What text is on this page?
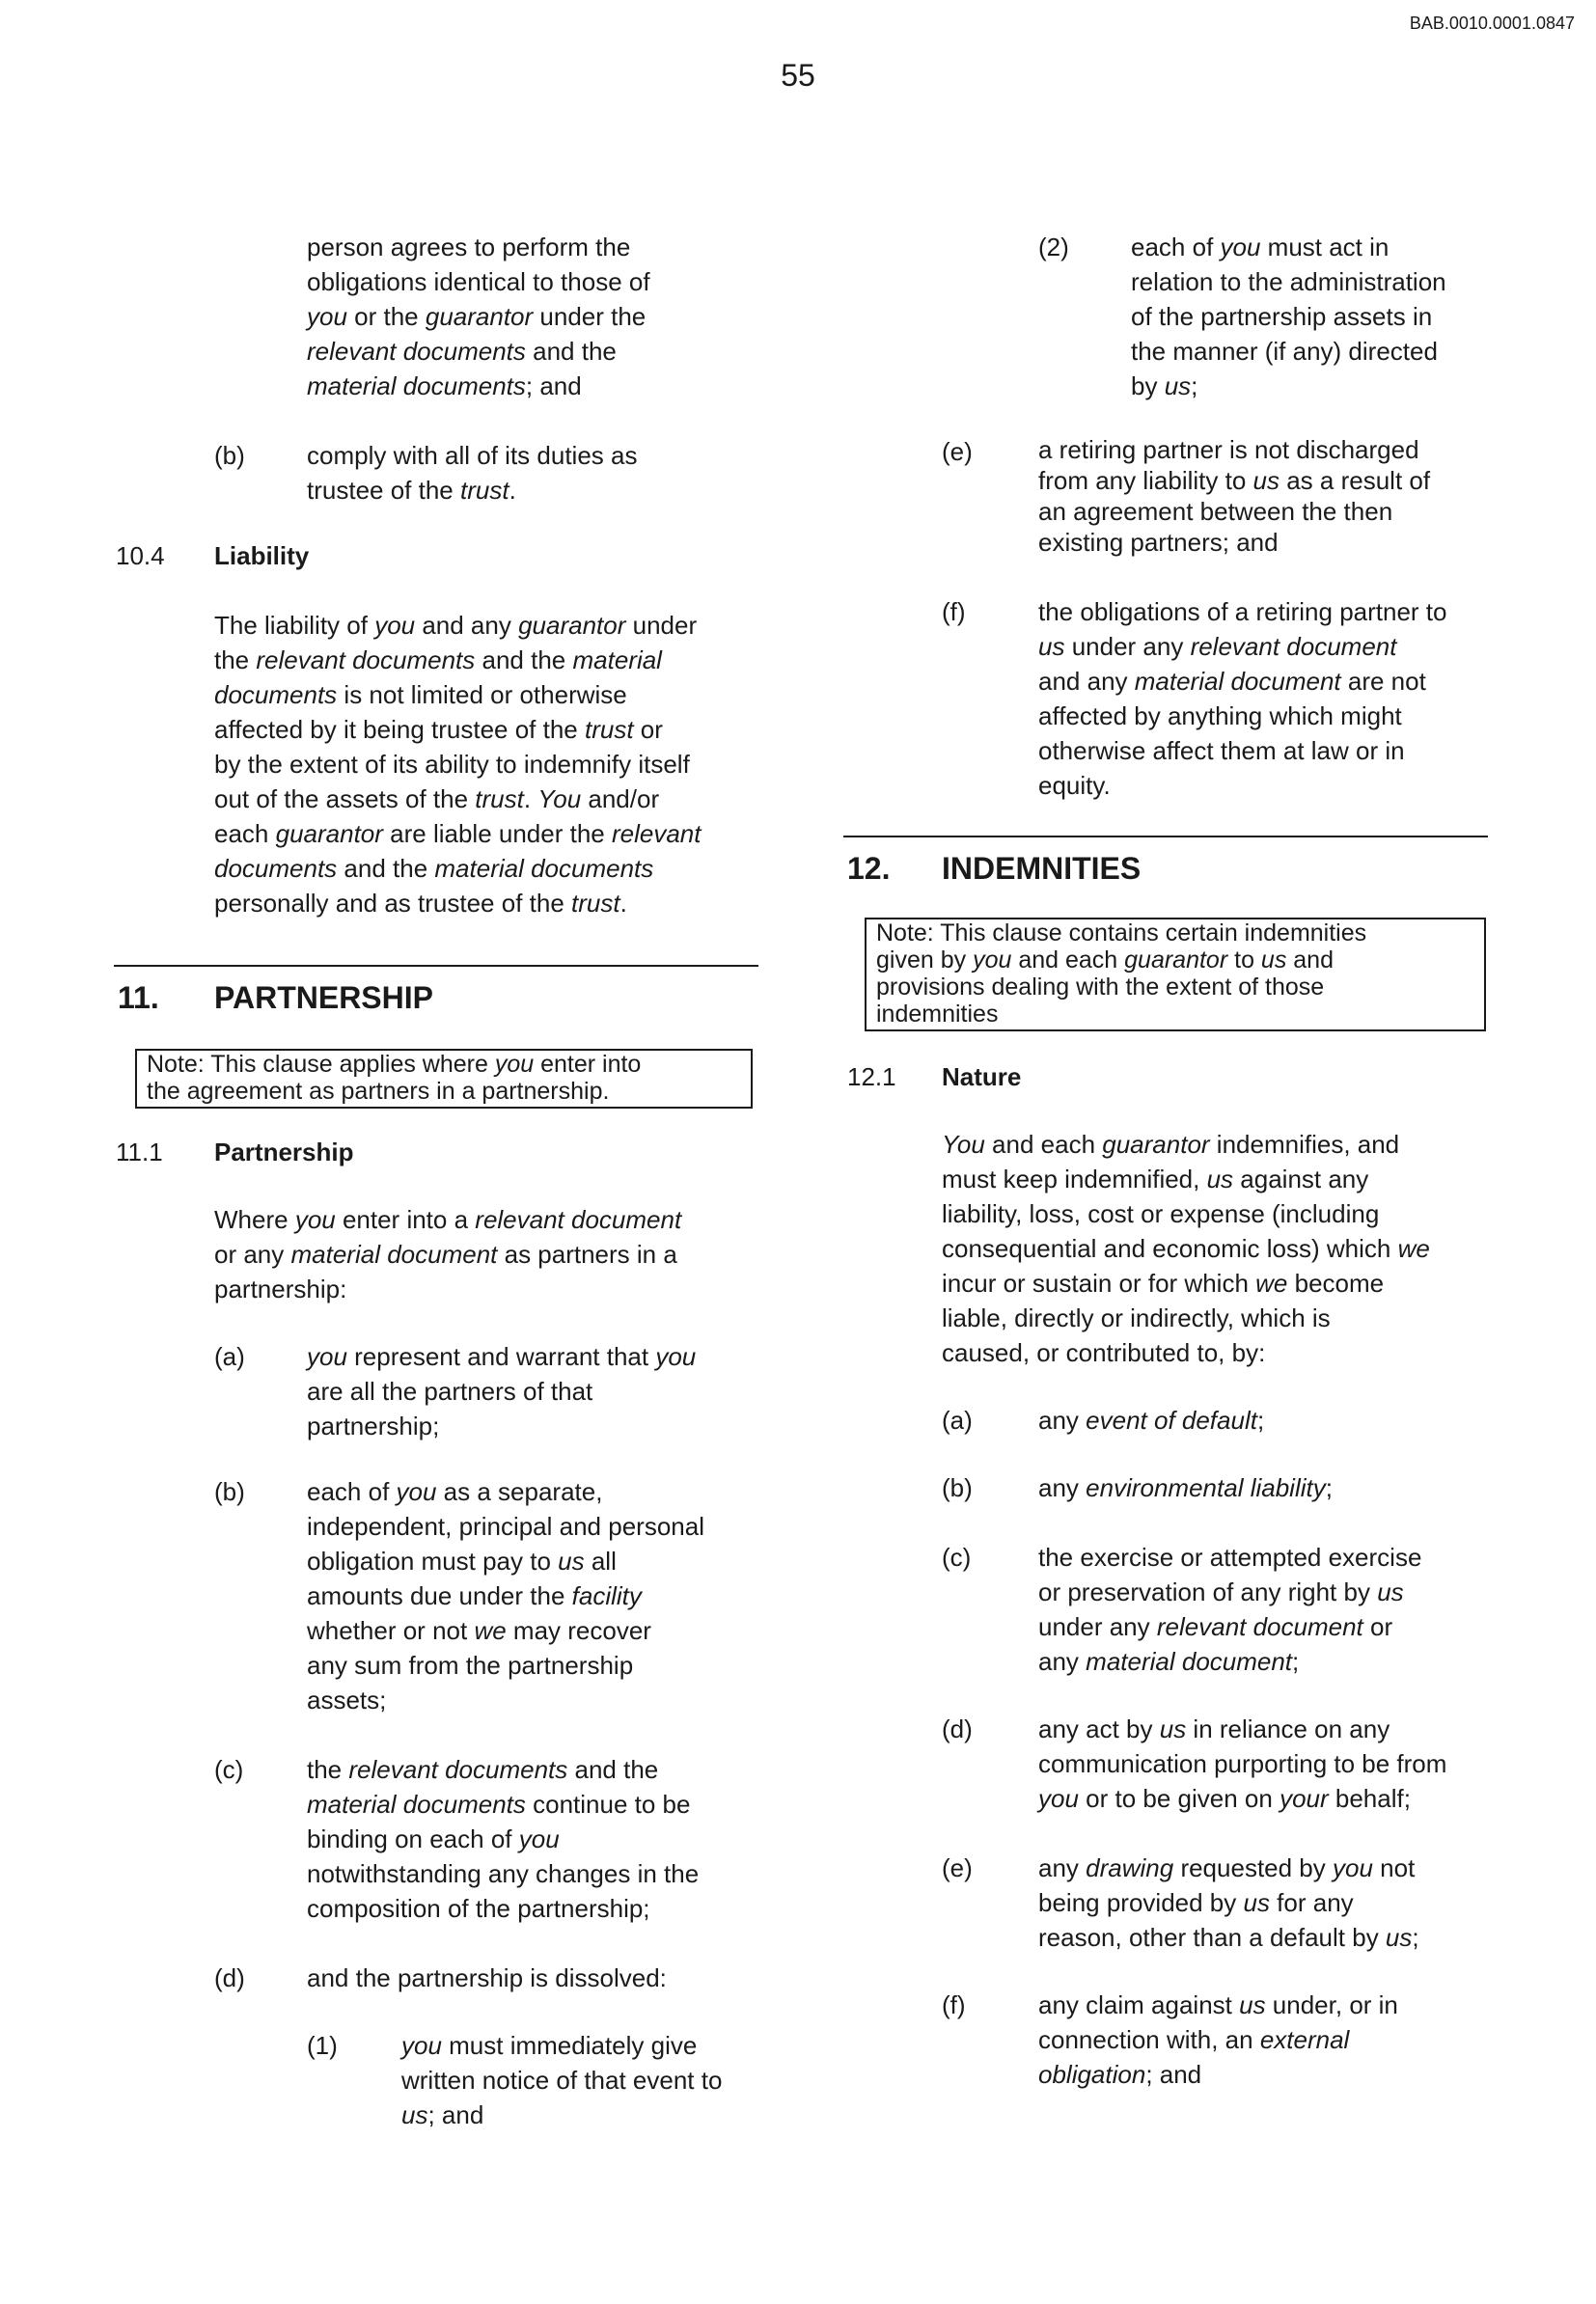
BAB.0010.0001.0847
55
person agrees to perform the
obligations identical to those of
you or the guarantor under the
relevant documents and the
material documents; and
(b) comply with all of its duties as
trustee of the trust.
10.4 Liability
The liability of you and any guarantor under
the relevant documents and the material
documents is not limited or otherwise
affected by it being trustee of the trust or
by the extent of its ability to indemnify itself
out of the assets of the trust. You and/or
each guarantor are liable under the relevant
documents and the material documents
personally and as trustee of the trust.
11. PARTNERSHIP
Note: This clause applies where you enter into
the agreement as partners in a partnership.
11.1 Partnership
Where you enter into a relevant document
or any material document as partners in a
partnership:
(a) you represent and warrant that you
are all the partners of that
partnership;
(b) each of you as a separate,
independent, principal and personal
obligation must pay to us all
amounts due under the facility
whether or not we may recover
any sum from the partnership
assets;
(c)	the relevant documents and the
material documents continue to be
binding on each of you
notwithstanding any changes in the
composition of the partnership;
(d) and the partnership is dissolved:
(1)	you must immediately give
written notice of that event to
us; and
(2) each of you must act in
relation to the administration
of the partnership assets in
the manner (if any) directed
by us;
(e)	a retiring partner is not discharged
from any liability to us as a result of
an agreement between the then
existing partners; and
(f)	the obligations of a retiring partner to
us under any relevant document
and any material document are not
affected by anything which might
otherwise affect them at law or in
equity.
12. INDEMNITIES
Note: This clause contains certain indemnities
given by you and each guarantor to us and
provisions dealing with the extent of those
indemnities
12.1 Nature
You and each guarantor indemnifies, and
must keep indemnified, us against any
liability, loss, cost or expense (including
consequential and economic loss) which we
incur or sustain or for which we become
liable, directly or indirectly, which is
caused, or contributed to, by:
(a)	any event of default;
(b)	any environmental liability;
(c)	the exercise or attempted exercise
or preservation of any right by us
under any relevant document or
any material document;
(d)	any act by us in reliance on any
communication purporting to be from
you or to be given on your behalf;
(e)	any drawing requested by you not
being provided by us for any
reason, other than a default by us;
(f)	any claim against us under, or in
connection with, an external
obligation; and
